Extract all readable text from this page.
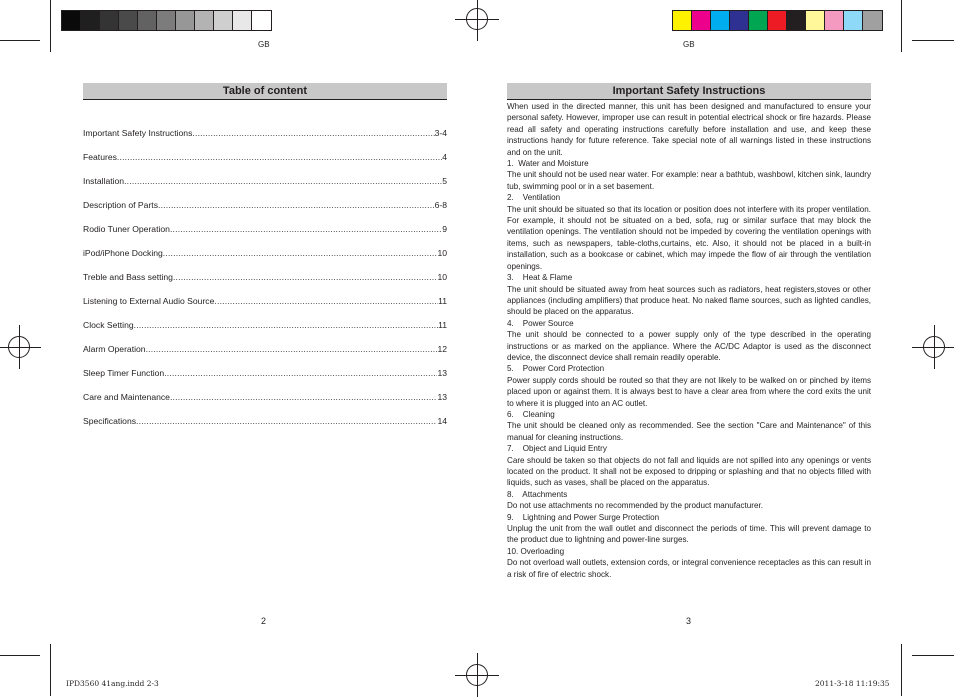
GB	GB
Table of content
Important Safety Instructions .....	3-4
Features .....	4
Installation .....	5
Description of Parts .....	6-8
Rodio Tuner Operation .....	9
iPod/iPhone Docking .....	10
Treble and Bass setting .....	10
Listening to External Audio Source .....	11
Clock Setting .....	11
Alarm Operation .....	12
Sleep Timer Function .....	13
Care and Maintenance .....	13
Specifications .....	14
2
Important Safety Instructions

When used in the directed manner, this unit has been designed and manufactured to ensure your personal safety. However, improper use can result in potential electrical shock or fire hazards. Please read all safety and operating instructions carefully before installation and use, and keep these instructions handy for future reference. Take special note of all warnings listed in these instructions and on the unit.

1.  Water and Moisture

The unit should not be used near water. For example: near a bathtub, washbowl, kitchen sink, laundry tub, swimming pool or in a set basement.

2.    Ventilation

The unit should be situated so that its location or position does not interfere with its proper ventilation. For example, it should not be situated on a bed, sofa, rug or similar surface that may block the ventilation openings. The ventilation should not be impeded by covering the ventilation openings with items, such as newspapers, table-cloths,curtains, etc. Also, it should not be placed in a built-in installation, such as a bookcase or cabinet, which may impede the flow of air through the ventilation openings.

3.    Heat & Flame

The unit should be situated away from heat sources such as radiators, heat registers,stoves or other appliances (including amplifiers) that produce heat. No naked flame sources, such as lighted candles, should be placed on the apparatus.

4.    Power Source

The unit should be connected to a power supply only of the type described in the operating instructions or as marked on the appliance. Where the AC/DC Adaptor is used as the disconnect device, the disconnect device shall remain readily operable.

5.    Power Cord Protection

Power supply cords should be routed so that they are not likely to be walked on or pinched by items placed upon or against them. It is always best to have a clear area from where the cord exits the unit to where it is plugged into an AC outlet.

6.    Cleaning

The unit should be cleaned only as recommended. See the section "Care and Maintenance" of this manual for cleaning instructions.

7.    Object and Liquid Entry

Care should be taken so that objects do not fall and liquids are not spilled into any openings or vents located on the product. It shall not be exposed to dripping or splashing and that no objects filled with liquids, such as vases, shall be placed on the apparatus.

8.    Attachments

Do not use attachments no recommended by the product manufacturer.

9.    Lightning and Power Surge Protection

Unplug the unit from the wall outlet and disconnect the periods of time. This will prevent damage to the product due to lightning and power-line surges.

10. Overloading

Do not overload wall outlets, extension cords, or integral convenience receptacles as this can result in a risk of fire of electric shock.

3
IPD3560 41ang.indd 2-3	2011-3-18 11:19:35
